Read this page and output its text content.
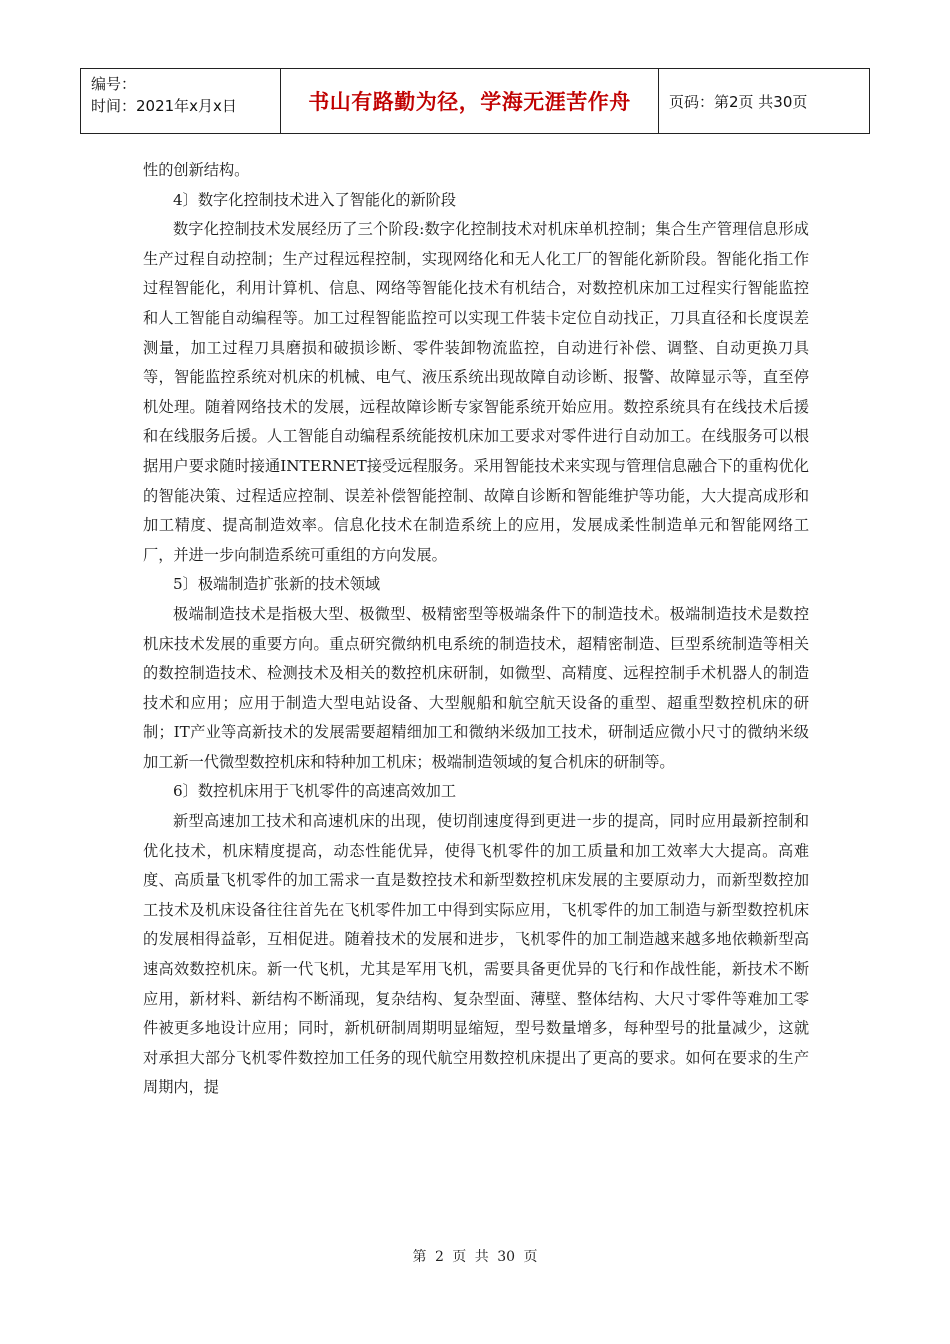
编号：
时间：2021年x月x日	书山有路勤为径，学海无涯苦作舟	页码：第2页 共30页

性的创新结构。

4〕数字化控制技术进入了智能化的新阶段

数字化控制技术发展经历了三个阶段:数字化控制技术对机床单机控制；集合生产管理信息形成生产过程自动控制；生产过程远程控制，实现网络化和无人化工厂的智能化新阶段。智能化指工作过程智能化，利用计算机、信息、网络等智能化技术有机结合，对数控机床加工过程实行智能监控和人工智能自动编程等。加工过程智能监控可以实现工件装卡定位自动找正，刀具直径和长度误差测量，加工过程刀具磨损和破损诊断、零件装卸物流监控，自动进行补偿、调整、自动更换刀具等，智能监控系统对机床的机械、电气、液压系统出现故障自动诊断、报警、故障显示等，直至停机处理。随着网络技术的发展，远程故障诊断专家智能系统开始应用。数控系统具有在线技术后援和在线服务后援。人工智能自动编程系统能按机床加工要求对零件进行自动加工。在线服务可以根据用户要求随时接通INTERNET接受远程服务。采用智能技术来实现与管理信息融合下的重构优化的智能决策、过程适应控制、误差补偿智能控制、故障自诊断和智能维护等功能，大大提高成形和加工精度、提高制造效率。信息化技术在制造系统上的应用，发展成柔性制造单元和智能网络工厂，并进一步向制造系统可重组的方向发展。

5〕极端制造扩张新的技术领域

极端制造技术是指极大型、极微型、极精密型等极端条件下的制造技术。极端制造技术是数控机床技术发展的重要方向。重点研究微纳机电系统的制造技术，超精密制造、巨型系统制造等相关的数控制造技术、检测技术及相关的数控机床研制，如微型、高精度、远程控制手术机器人的制造技术和应用；应用于制造大型电站设备、大型舰船和航空航天设备的重型、超重型数控机床的研制；IT产业等高新技术的发展需要超精细加工和微纳米级加工技术，研制适应微小尺寸的微纳米级加工新一代微型数控机床和特种加工机床；极端制造领域的复合机床的研制等。

6〕数控机床用于飞机零件的高速高效加工

新型高速加工技术和高速机床的出现，使切削速度得到更进一步的提高，同时应用最新控制和优化技术，机床精度提高，动态性能优异，使得飞机零件的加工质量和加工效率大大提高。高难度、高质量飞机零件的加工需求一直是数控技术和新型数控机床发展的主要原动力，而新型数控加工技术及机床设备往往首先在飞机零件加工中得到实际应用，飞机零件的加工制造与新型数控机床的发展相得益彰，互相促进。随着技术的发展和进步，飞机零件的加工制造越来越多地依赖新型高速高效数控机床。新一代飞机，尤其是军用飞机，需要具备更优异的飞行和作战性能，新技术不断应用，新材料、新结构不断涌现，复杂结构、复杂型面、薄壁、整体结构、大尺寸零件等难加工零件被更多地设计应用；同时，新机研制周期明显缩短，型号数量增多，每种型号的批量减少，这就对承担大部分飞机零件数控加工任务的现代航空用数控机床提出了更高的要求。如何在要求的生产周期内，提

第 2 页 共 30 页
